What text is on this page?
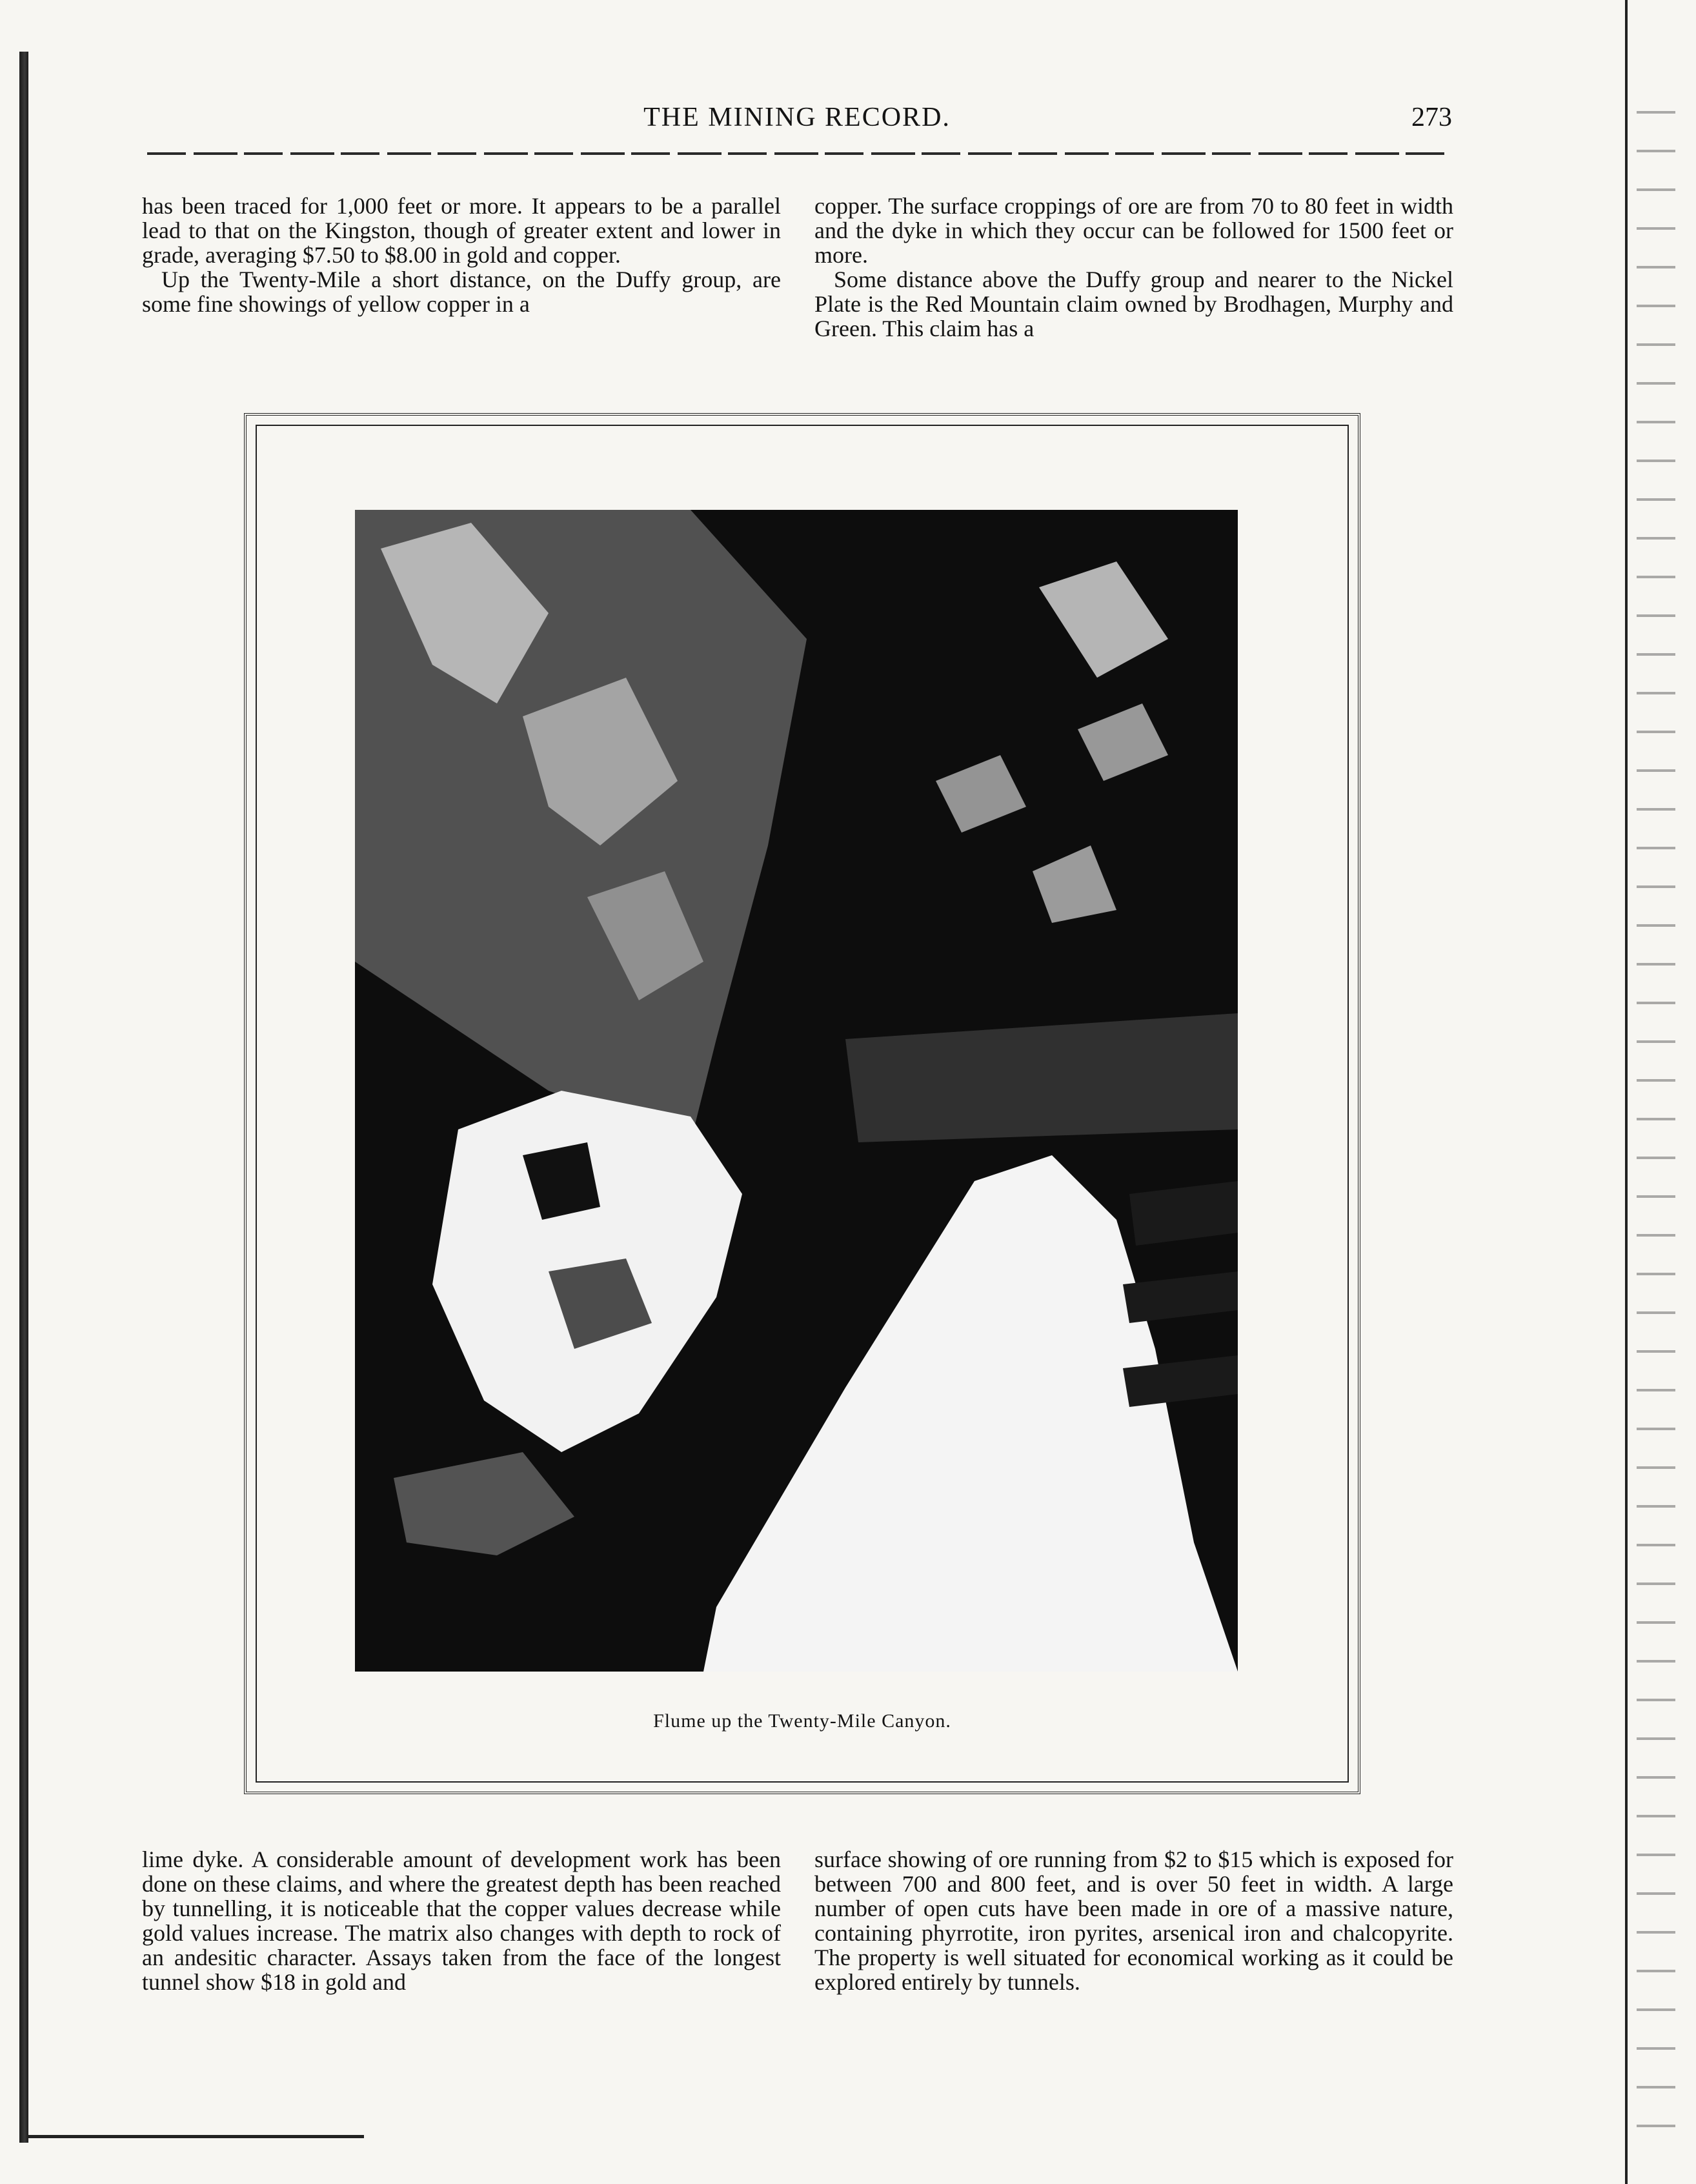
THE MINING RECORD.	273

has been traced for 1,000 feet or more. It appears to be a parallel lead to that on the Kingston, though of greater extent and lower in grade, averaging $7.50 to $8.00 in gold and copper.

Up the Twenty-Mile a short distance, on the Duffy group, are some fine showings of yellow copper in a

copper. The surface croppings of ore are from 70 to 80 feet in width and the dyke in which they occur can be followed for 1500 feet or more.

Some distance above the Duffy group and nearer to the Nickel Plate is the Red Mountain claim owned by Brodhagen, Murphy and Green. This claim has a

Flume up the Twenty-Mile Canyon.

lime dyke. A considerable amount of development work has been done on these claims, and where the greatest depth has been reached by tunnelling, it is noticeable that the copper values decrease while gold values increase. The matrix also changes with depth to rock of an andesitic character. Assays taken from the face of the longest tunnel show $18 in gold and

surface showing of ore running from $2 to $15 which is exposed for between 700 and 800 feet, and is over 50 feet in width. A large number of open cuts have been made in ore of a massive nature, containing phyrrotite, iron pyrites, arsenical iron and chalcopyrite. The property is well situated for economical working as it could be explored entirely by tunnels.
